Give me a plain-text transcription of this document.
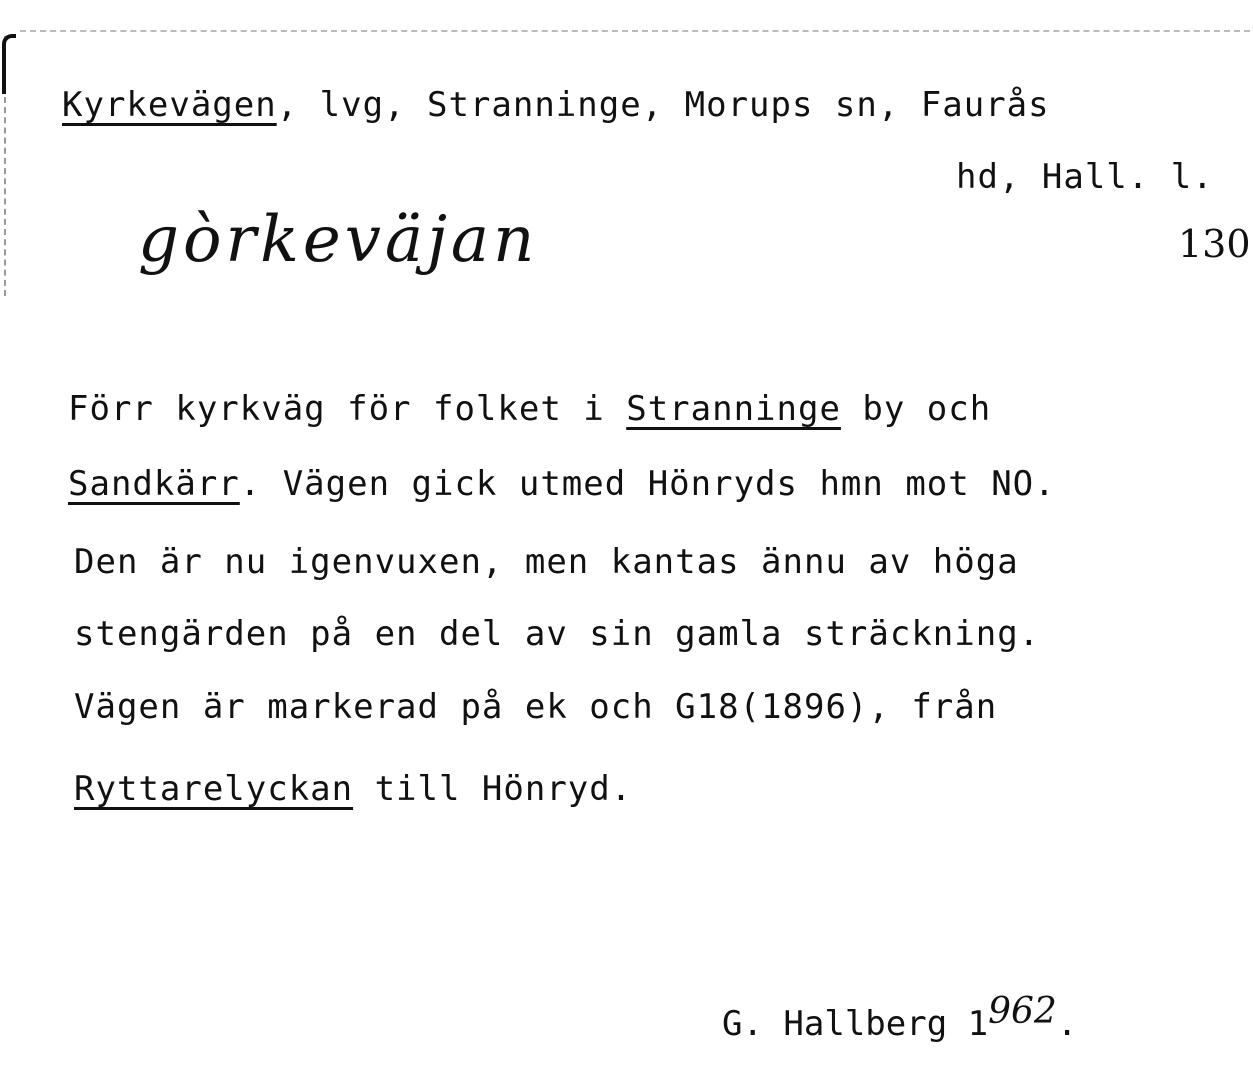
Kyrkevägen, lvg, Stranninge, Morups sn, Faurås
hd, Hall. l.
gòrkeväjan	130
Förr kyrkväg för folket i Stranninge by och
Sandkärr. Vägen gick utmed Hönryds hmn mot NO.
Den är nu igenvuxen, men kantas ännu av höga
stengärden på en del av sin gamla sträckning.
Vägen är markerad på ek och G18(1896), från
Ryttarelyckan till Hönryd.
G. Hallberg 1962.
